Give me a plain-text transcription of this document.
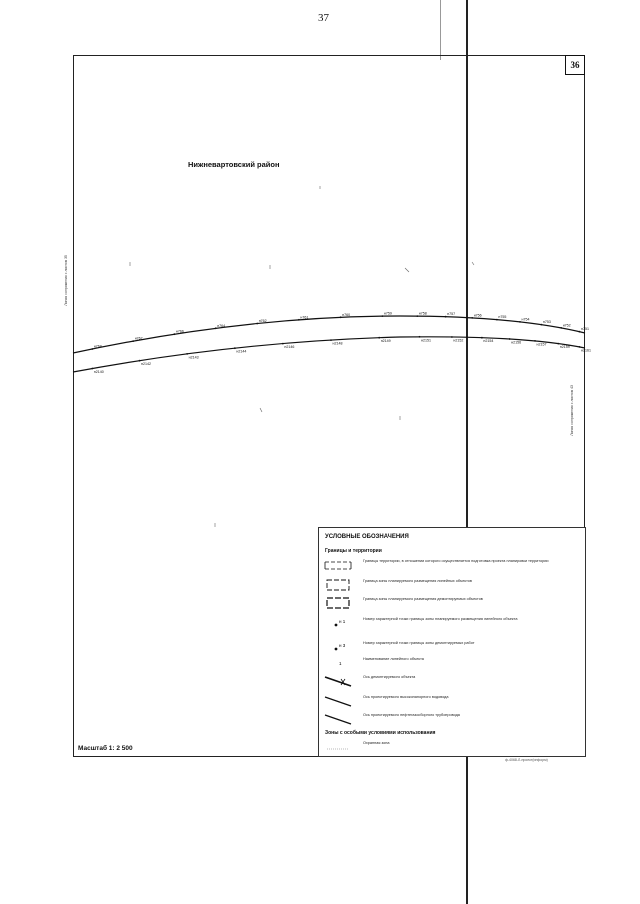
37
36
н769
н767
н766
н764
н762
н761
н760	н759	н758	н757	н756	н755
н754
н753
н752
н751
н2140
н2142
н2143
н2144
н2146
н2148
н2149	н2151	н2152	н2154	н2156	н2157
н2159
н2161
Нижневартовский район
Линия сопряжения с листом 35
Линия сопряжения с листом 43
Масштаб 1: 2 500
УСЛОВНЫЕ ОБОЗНАЧЕНИЯ
Границы и территории
Границы территории, в отношении которого осуществляется подготовка проекта планировки территории
Граница зоны планируемого размещения линейных объектов
Граница зоны планируемого размещения демонтируемых объектов
н 1	Номер характерной точки границы зоны планируемого размещения линейного объекта
н 3	Номер характерной точки границы зоны демонтируемых работ
1
Наименование линейного объекта
Ось демонтируемого объекта
Ось проектируемого высоконапорного водовода
Ось проектируемого нефтегазосборного трубопровода
Зоны с особыми условиями использования
Охранная зона
ф-4068-Л-проект(информ)
